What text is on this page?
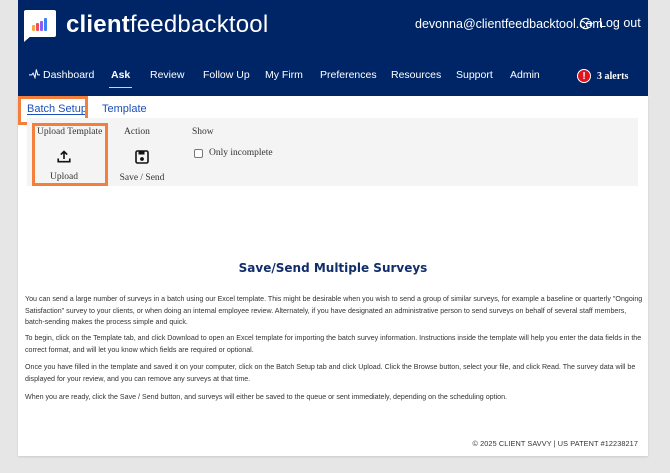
clientfeedbacktool	devonna@clientfeedbacktool.com
Log out
Dashboard Ask Review Follow Up My Firm Preferences Resources Support Admin	!	3 alerts
Batch Setup Template
Upload Template
Upload
Action
Save / Send
Show
Only incomplete
Save/Send Multiple Surveys

You can send a large number of surveys in a batch using our Excel template. This might be desirable when you wish to send a group of similar surveys, for example a baseline or quarterly "Ongoing Satisfaction" survey to your clients, or when doing an internal employee review. Alternately, if you have designated an administrative person to send surveys on behalf of several staff members, batch-sending makes the process simple and quick.

To begin, click on the Template tab, and click Download to open an Excel template for importing the batch survey information. Instructions inside the template will help you enter the data fields in the correct format, and will let you know which fields are required or optional.

Once you have filled in the template and saved it on your computer, click on the Batch Setup tab and click Upload. Click the Browse button, select your file, and click Read. The survey data will be displayed for your review, and you can remove any surveys at that time.

When you are ready, click the Save / Send button, and surveys will either be saved to the queue or sent immediately, depending on the scheduling option.

© 2025 CLIENT SAVVY | US PATENT #12238217
